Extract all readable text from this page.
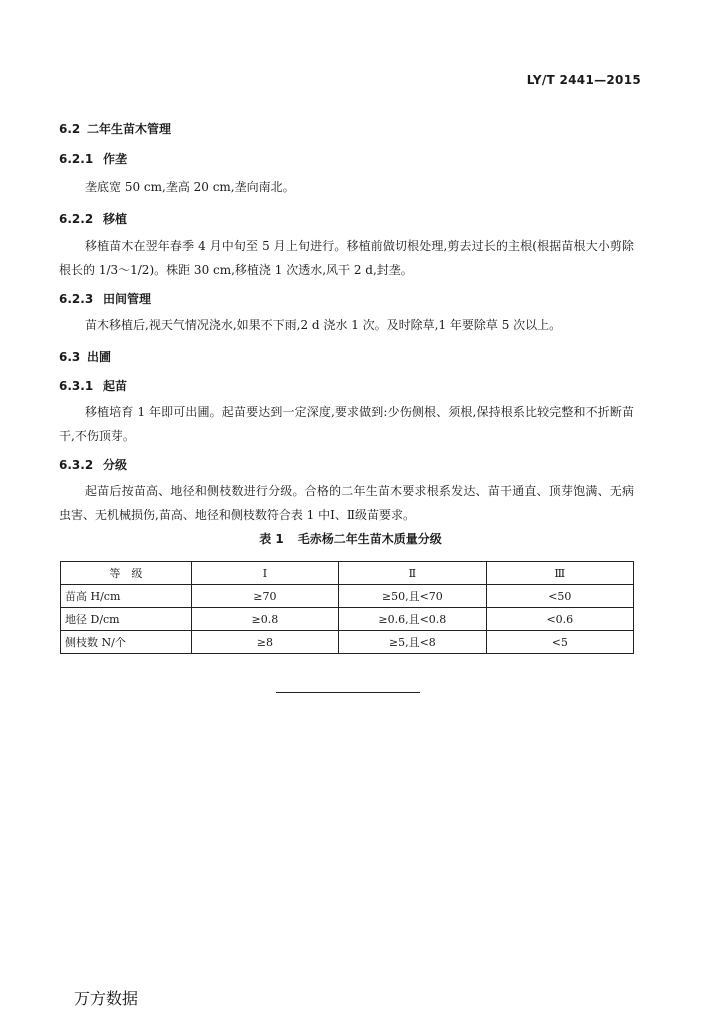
LY/T 2441—2015
6.2 二年生苗木管理
6.2.1 作垄
垄底宽 50 cm,垄高 20 cm,垄向南北。
6.2.2 移植
移植苗木在翌年春季 4 月中旬至 5 月上旬进行。移植前做切根处理,剪去过长的主根(根据苗根大小剪除根长的 1/3～1/2)。株距 30 cm,移植浇 1 次透水,风干 2 d,封垄。
6.2.3 田间管理
苗木移植后,视天气情况浇水,如果不下雨,2 d 浇水 1 次。及时除草,1 年要除草 5 次以上。
6.3 出圃
6.3.1 起苗
移植培育 1 年即可出圃。起苗要达到一定深度,要求做到:少伤侧根、须根,保持根系比较完整和不折断苗干,不伤顶芽。
6.3.2 分级
起苗后按苗高、地径和侧枝数进行分级。合格的二年生苗木要求根系发达、苗干通直、顶芽饱满、无病虫害、无机械损伤,苗高、地径和侧枝数符合表 1 中Ⅰ、Ⅱ级苗要求。
表 1 毛赤杨二年生苗木质量分级
等　级	Ⅰ	Ⅱ	Ⅲ
苗高 H/cm	≥70	≥50,且<70	<50
地径 D/cm	≥0.8	≥0.6,且<0.8	<0.6
侧枝数 N/个	≥8	≥5,且<8	<5
万方数据
